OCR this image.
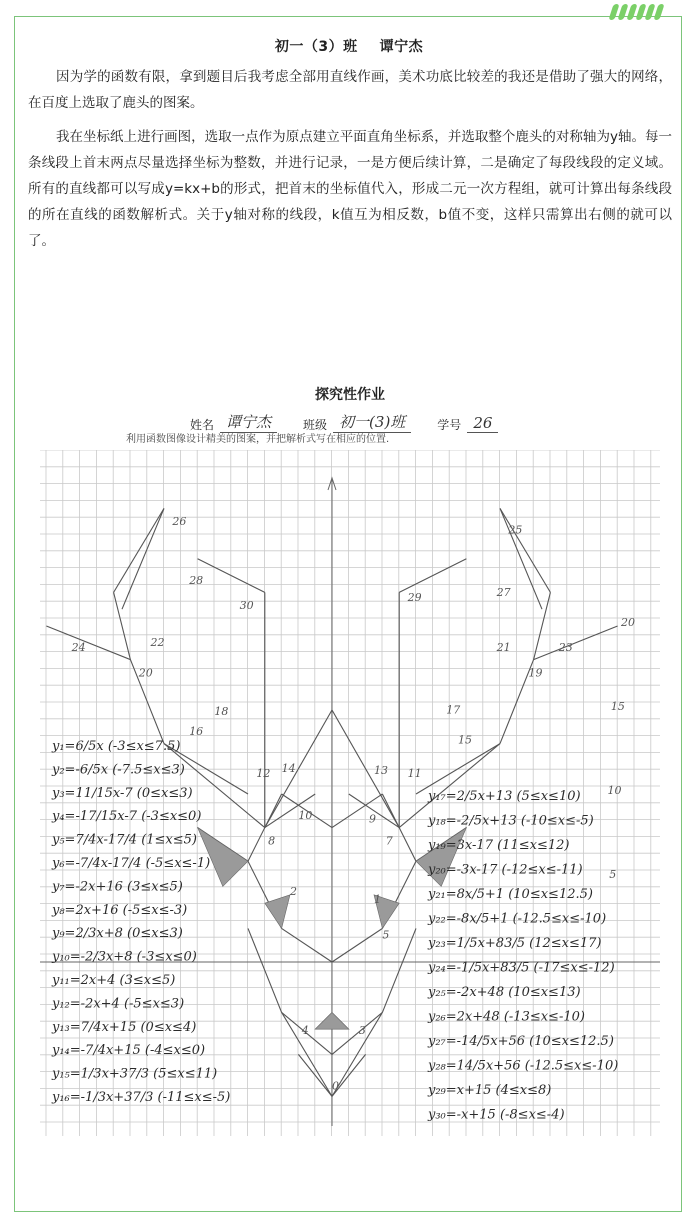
初一（3）班 谭宁杰
因为学的函数有限，拿到题目后我考虑全部用直线作画，美术功底比较差的我还是借助了强大的网络，在百度上选取了鹿头的图案。
我在坐标纸上进行画图，选取一点作为原点建立平面直角坐标系，并选取整个鹿头的对称轴为y轴。每一条线段上首末两点尽量选择坐标为整数，并进行记录，一是方便后续计算，二是确定了每段线段的定义域。所有的直线都可以写成y=kx+b的形式，把首末的坐标值代入，形成二元一次方程组，就可计算出每条线段的所在直线的函数解析式。关于y轴对称的线段，k值互为相反数，b值不变，这样只需算出右侧的就可以了。
探究性作业
姓名 谭宁杰	班级 初一(3)班	学号 26
利用函数图像设计精美的图案，并把解析式写在相应的位置.
26
28
30
24	22
20
18
16
12 14
10
8
2
4
29
25
27
23
21
19
17
15
13 11
9
7
1
3
5
20
15
10
5
0
y₁=6/5x (-3≤x≤7.5)
y₂=-6/5x (-7.5≤x≤3)
y₃=11/15x-7 (0≤x≤3)
y₄=-17/15x-7 (-3≤x≤0)
y₅=7/4x-17/4 (1≤x≤5)
y₆=-7/4x-17/4 (-5≤x≤-1)
y₇=-2x+16 (3≤x≤5)
y₈=2x+16 (-5≤x≤-3)
y₉=2/3x+8 (0≤x≤3)
y₁₀=-2/3x+8 (-3≤x≤0)
y₁₁=2x+4 (3≤x≤5)
y₁₂=-2x+4 (-5≤x≤3)
y₁₃=7/4x+15 (0≤x≤4)
y₁₄=-7/4x+15 (-4≤x≤0)
y₁₅=1/3x+37/3 (5≤x≤11)
y₁₆=-1/3x+37/3 (-11≤x≤-5)
y₁₇=2/5x+13 (5≤x≤10)
y₁₈=-2/5x+13 (-10≤x≤-5)
y₁₉=3x-17 (11≤x≤12)
y₂₀=-3x-17 (-12≤x≤-11)
y₂₁=8x/5+1 (10≤x≤12.5)
y₂₂=-8x/5+1 (-12.5≤x≤-10)
y₂₃=1/5x+83/5 (12≤x≤17)
y₂₄=-1/5x+83/5 (-17≤x≤-12)
y₂₅=-2x+48 (10≤x≤13)
y₂₆=2x+48 (-13≤x≤-10)
y₂₇=-14/5x+56 (10≤x≤12.5)
y₂₈=14/5x+56 (-12.5≤x≤-10)
y₂₉=x+15 (4≤x≤8)
y₃₀=-x+15 (-8≤x≤-4)
